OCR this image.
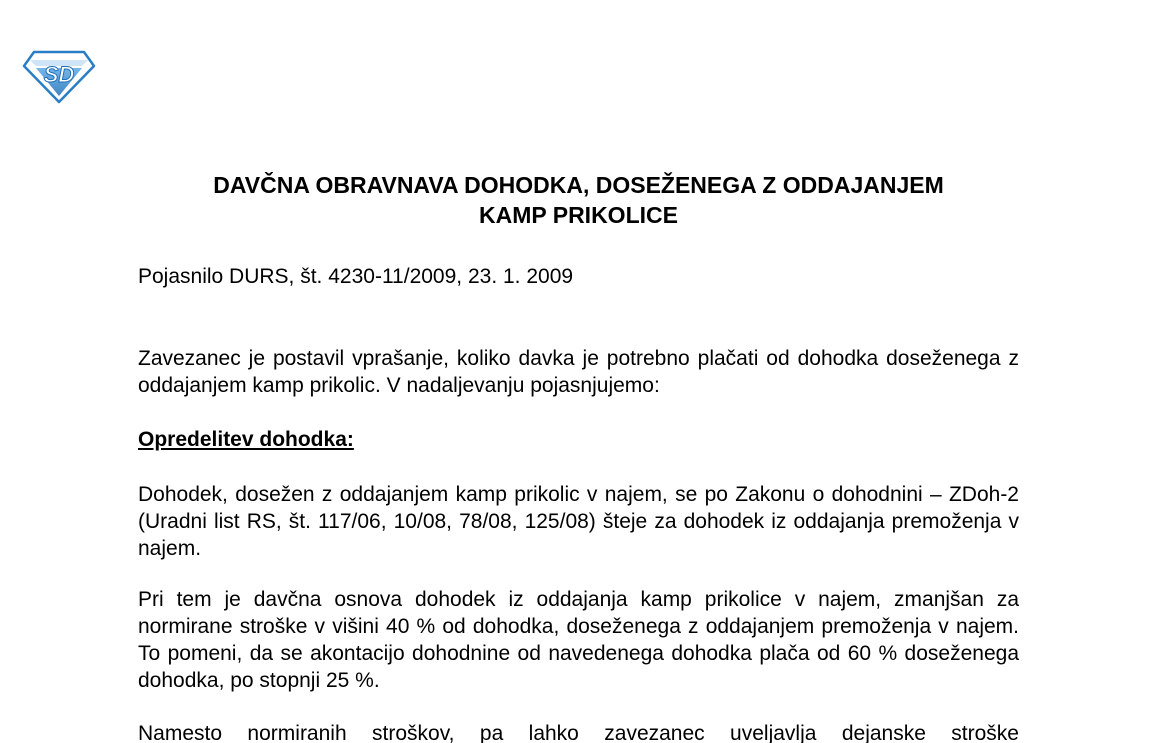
SD
DAVČNA OBRAVNAVA DOHODKA, DOSEŽENEGA Z ODDAJANJEM
KAMP PRIKOLICE
Pojasnilo DURS, št. 4230-11/2009, 23. 1. 2009
Zavezanec je postavil vprašanje, koliko davka je potrebno plačati od dohodka doseženega z oddajanjem kamp prikolic. V nadaljevanju pojasnjujemo:
Opredelitev dohodka:
Dohodek, dosežen z oddajanjem kamp prikolic v najem, se po Zakonu o dohodnini – ZDoh-2 (Uradni list RS, št. 117/06, 10/08, 78/08, 125/08) šteje za dohodek iz oddajanja premoženja v najem.
Pri tem je davčna osnova dohodek iz oddajanja kamp prikolice v najem, zmanjšan za normirane stroške v višini 40 % od dohodka, doseženega z oddajanjem premoženja v najem. To pomeni, da se akontacijo dohodnine od navedenega dohodka plača od 60 % doseženega dohodka, po stopnji 25 %.
Namesto normiranih stroškov, pa lahko zavezanec uveljavlja dejanske stroške
